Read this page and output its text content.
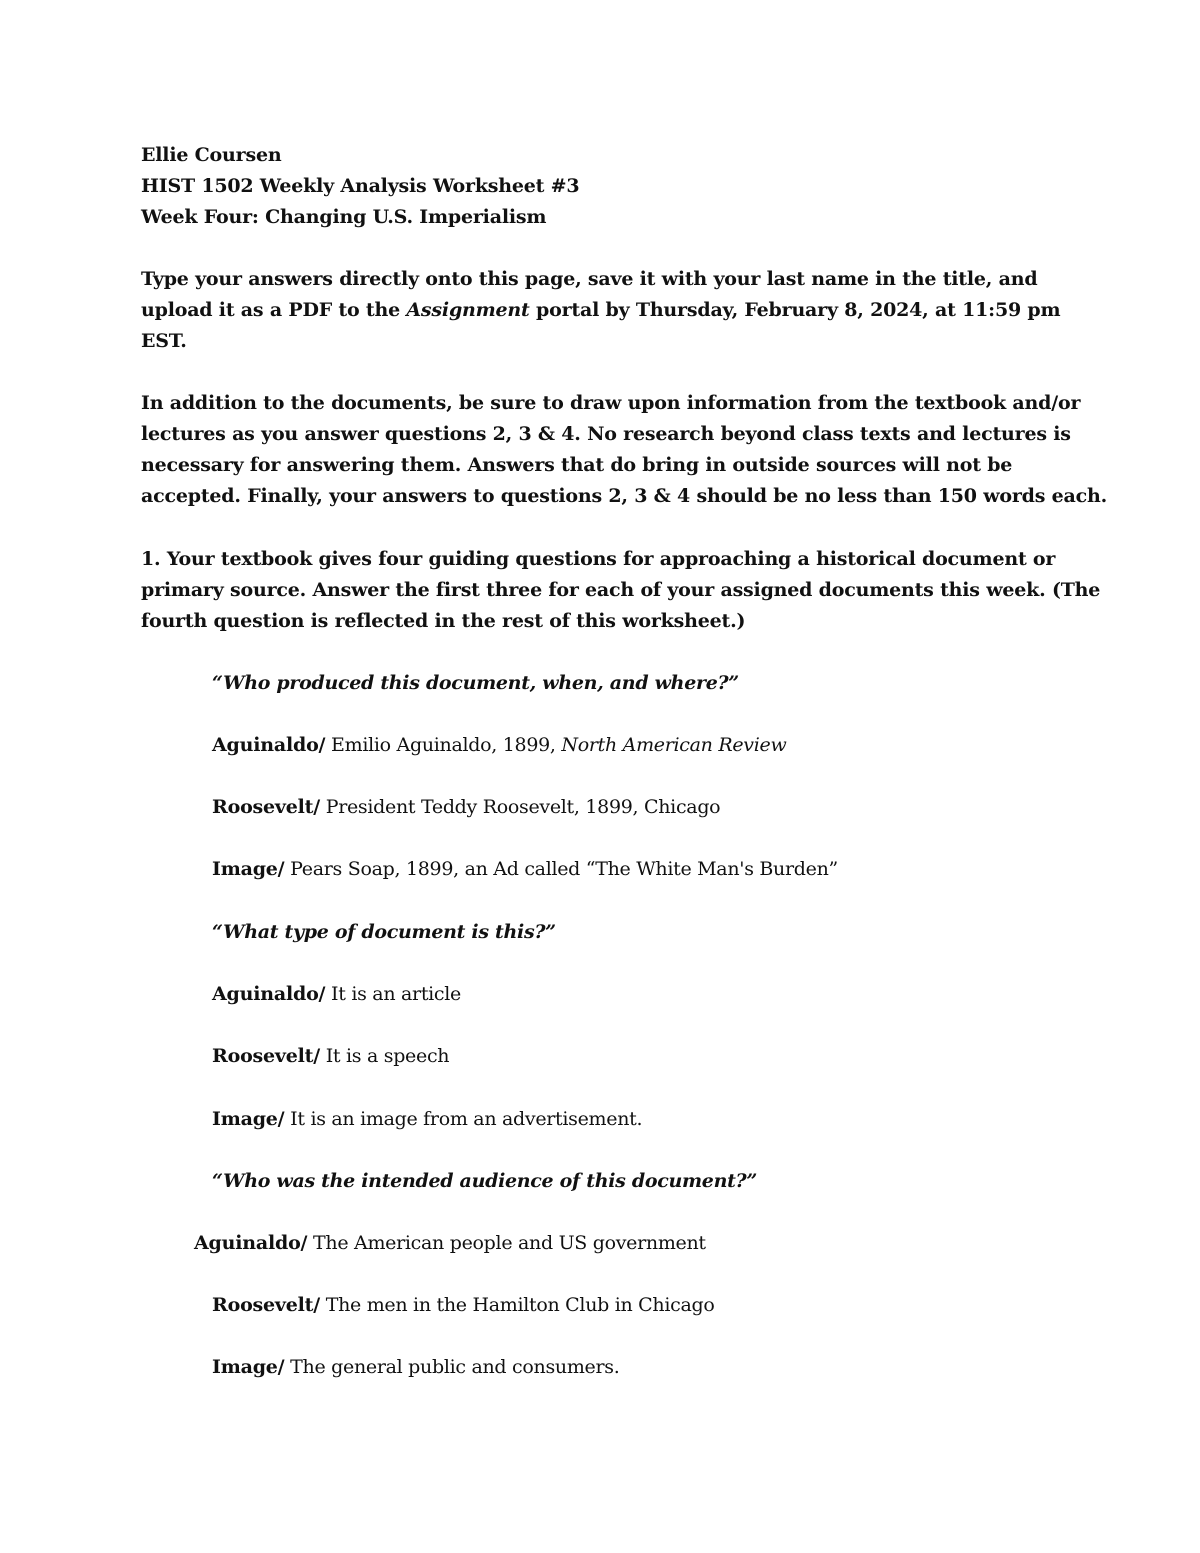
Ellie Coursen
HIST 1502 Weekly Analysis Worksheet #3
Week Four: Changing U.S. Imperialism
Type your answers directly onto this page, save it with your last name in the title, and
upload it as a PDF to the Assignment portal by Thursday, February 8, 2024, at 11:59 pm
EST.
In addition to the documents, be sure to draw upon information from the textbook and/or
lectures as you answer questions 2, 3 & 4. No research beyond class texts and lectures is
necessary for answering them. Answers that do bring in outside sources will not be
accepted. Finally, your answers to questions 2, 3 & 4 should be no less than 150 words each.
1. Your textbook gives four guiding questions for approaching a historical document or
primary source. Answer the first three for each of your assigned documents this week. (The
fourth question is reflected in the rest of this worksheet.)
“Who produced this document, when, and where?”
Aguinaldo/ Emilio Aguinaldo, 1899, North American Review
Roosevelt/ President Teddy Roosevelt, 1899, Chicago
Image/ Pears Soap, 1899, an Ad called “The White Man's Burden”
“What type of document is this?”
Aguinaldo/ It is an article
Roosevelt/ It is a speech
Image/ It is an image from an advertisement.
“Who was the intended audience of this document?”
Aguinaldo/ The American people and US government
Roosevelt/ The men in the Hamilton Club in Chicago
Image/ The general public and consumers.
